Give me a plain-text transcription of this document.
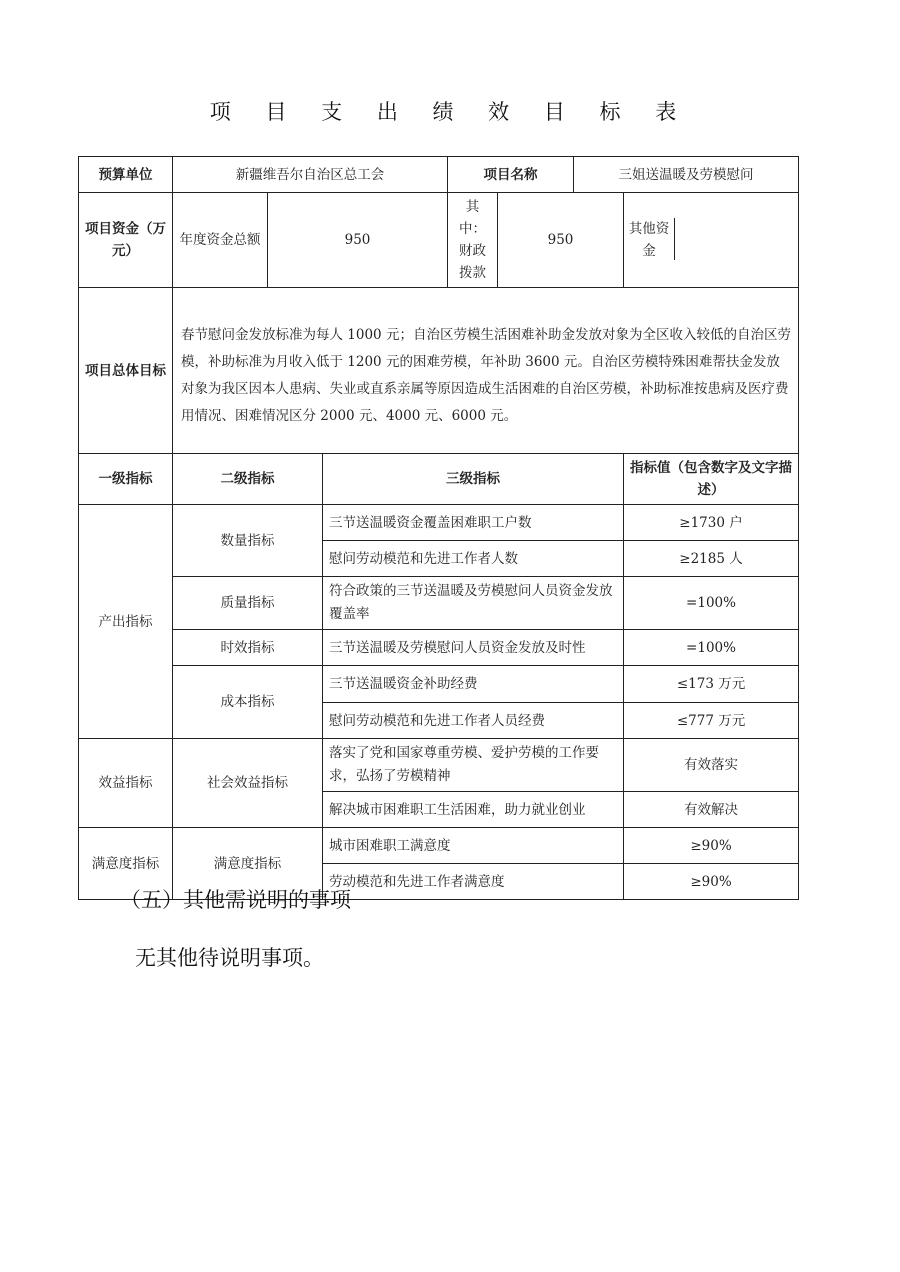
项 目 支 出 绩 效 目 标 表
预算单位	新疆维吾尔自治区总工会			项目名称		三姐送温暖及劳模慰问	
项目资金（万元）	年度资金总额	950		其中：财政拨款	950		其他资金

项目总体目标	春节慰问金发放标准为每人 1000 元；自治区劳模生活困难补助金发放对象为全区收入较低的自治区劳模，补助标准为月收入低于 1200 元的困难劳模，年补助 3600 元。自治区劳模特殊困难帮扶金发放对象为我区因本人患病、失业或直系亲属等原因造成生活困难的自治区劳模，补助标准按患病及医疗费用情况、困难情况区分 2000 元、4000 元、6000 元。						
一级指标	二级指标		三级指标				指标值（包含数字及文字描述）
产出指标	数量指标		三节送温暖资金覆盖困难职工户数				≥1730 户
			慰问劳动模范和先进工作者人数				≥2185 人
	质量指标		符合政策的三节送温暖及劳模慰问人员资金发放覆盖率				=100%
	时效指标		三节送温暖及劳模慰问人员资金发放及时性				=100%
	成本指标		三节送温暖资金补助经费				≤173 万元
			慰问劳动模范和先进工作者人员经费				≤777 万元
效益指标	社会效益指标		落实了党和国家尊重劳模、爱护劳模的工作要求，弘扬了劳模精神				有效落实
			解决城市困难职工生活困难，助力就业创业				有效解决
满意度指标	满意度指标		城市困难职工满意度				≥90%
			劳动模范和先进工作者满意度				≥90%
（五）其他需说明的事项
无其他待说明事项。
